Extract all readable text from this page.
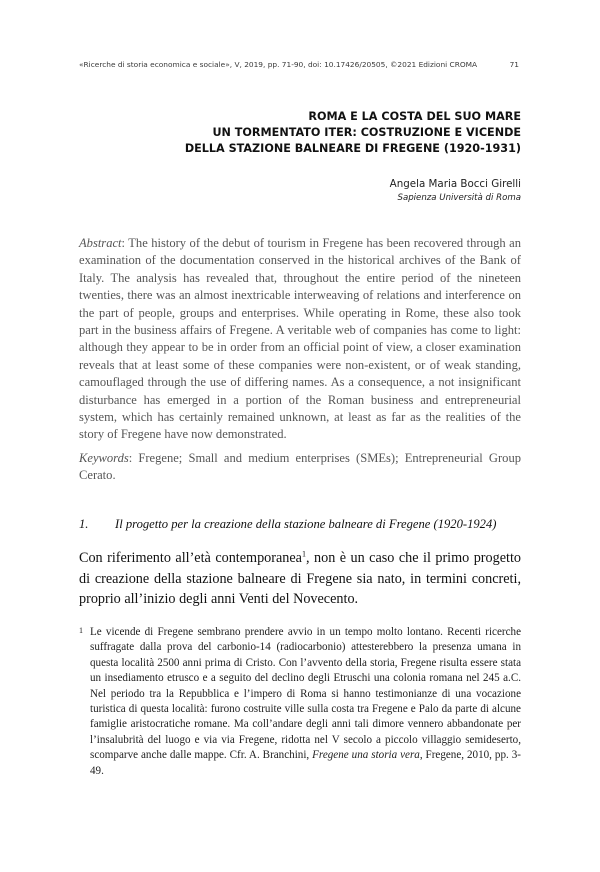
«Ricerche di storia economica e sociale», V, 2019, pp. 71-90, doi: 10.17426/20505, ©2021 Edizioni CROMA	71
ROMA E LA COSTA DEL SUO MARE
UN TORMENTATO ITER: COSTRUZIONE E VICENDE
DELLA STAZIONE BALNEARE DI FREGENE (1920-1931)
Angela Maria Bocci Girelli
Sapienza Università di Roma

Abstract: The history of the debut of tourism in Fregene has been recovered through an examination of the documentation conserved in the historical archives of the Bank of Italy. The analysis has revealed that, throughout the entire period of the nineteen twenties, there was an almost inextricable interweaving of relations and interference on the part of people, groups and enterprises. While operating in Rome, these also took part in the business affairs of Fregene. A veritable web of companies has come to light: although they appear to be in order from an official point of view, a closer examination reveals that at least some of these companies were non-existent, or of weak standing, camouflaged through the use of differing names. As a consequence, a not insignificant disturbance has emerged in a portion of the Roman business and entrepreneurial system, which has certainly remained unknown, at least as far as the realities of the story of Fregene have now demonstrated.

Keywords: Fregene; Small and medium enterprises (SMEs); Entrepreneurial Group Cerato.

1. Il progetto per la creazione della stazione balneare di Fregene (1920-1924)

Con riferimento all’età contemporanea$^1$, non è un caso che il primo progetto di creazione della stazione balneare di Fregene sia nato, in termini concreti, proprio all’inizio degli anni Venti del Novecento.

1 Le vicende di Fregene sembrano prendere avvio in un tempo molto lontano. Recenti ricerche suffragate dalla prova del carbonio-14 (radiocarbonio) attesterebbero la presenza umana in questa località 2500 anni prima di Cristo. Con l’avvento della storia, Fregene risulta essere stata un insediamento etrusco e a seguito del declino degli Etruschi una colonia romana nel 245 a.C. Nel periodo tra la Repubblica e l’impero di Roma si hanno testimonianze di una vocazione turistica di questa località: furono costruite ville sulla costa tra Fregene e Palo da parte di alcune famiglie aristocratiche romane. Ma coll’andare degli anni tali dimore vennero abbandonate per l’insalubrità del luogo e via via Fregene, ridotta nel V secolo a piccolo villaggio semideserto, scomparve anche dalle mappe. Cfr. A. Branchini, Fregene una storia vera, Fregene, 2010, pp. 3-49.
